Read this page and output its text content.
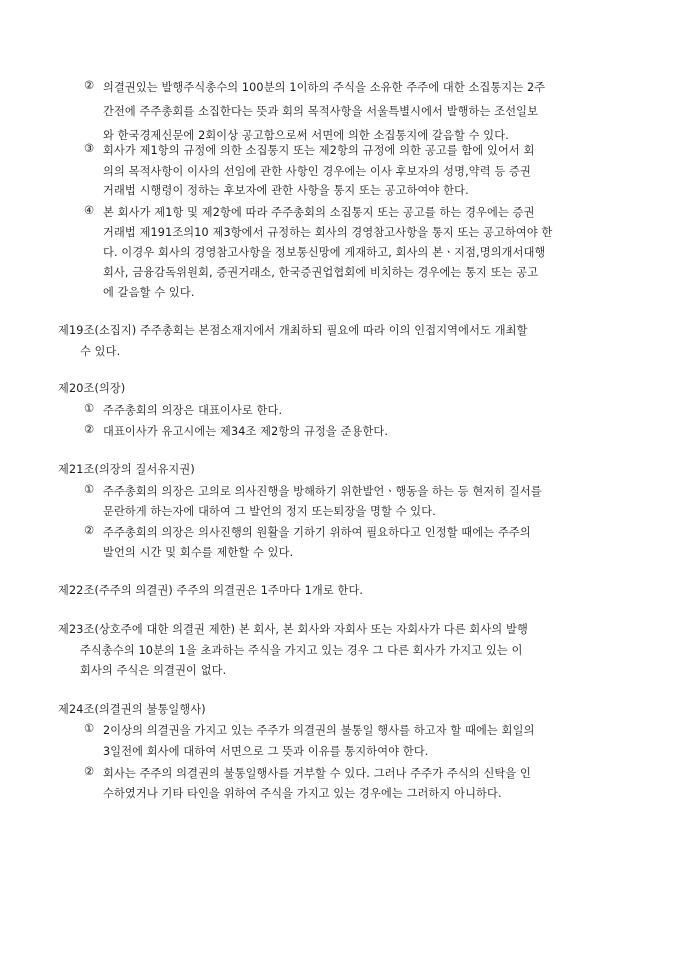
② 의결권있는 발행주식총수의 100분의 1이하의 주식을 소유한 주주에 대한 소집통지는 2주
간전에 주주총회를 소집한다는 뜻과 회의 목적사항을 서울특별시에서 발행하는 조선일보
와 한국경제신문에 2회이상 공고함으로써 서면에 의한 소집통지에 갈음할 수 있다.
③ 회사가 제1항의 규정에 의한 소집통지 또는 제2항의 규정에 의한 공고를 함에 있어서 회
의의 목적사항이 이사의 선임에 관한 사항인 경우에는 이사 후보자의 성명,약력 등 증권
거래법 시행령이 정하는 후보자에 관한 사항을 통지 또는 공고하여야 한다.
④ 본 회사가 제1항 및 제2항에 따라 주주총회의 소집통지 또는 공고를 하는 경우에는 증권
거래법 제191조의10 제3항에서 규정하는 회사의 경영참고사항을 통지 또는 공고하여야 한
다. 이경우 회사의 경영참고사항을 정보통신망에 게재하고, 회사의 본ㆍ지점,명의개서대행
회사, 금융감독위원회, 증권거래소, 한국증권업협회에 비치하는 경우에는 통지 또는 공고
에 갈음할 수 있다.
제19조(소집지) 주주총회는 본점소재지에서 개최하되 필요에 따라 이의 인접지역에서도 개최할
수 있다.
제20조(의장)
① 주주총회의 의장은 대표이사로 한다.
② 대표이사가 유고시에는 제34조 제2항의 규정을 준용한다.
제21조(의장의 질서유지권)
① 주주총회의 의장은 고의로 의사진행을 방해하기 위한발언ㆍ행동을 하는 등 현저히 질서를
문란하게 하는자에 대하여 그 발언의 정지 또는퇴장을 명할 수 있다.
② 주주총회의 의장은 의사진행의 원활을 기하기 위하여 필요하다고 인정할 때에는 주주의
발언의 시간 및 회수를 제한할 수 있다.
제22조(주주의 의결권) 주주의 의결권은 1주마다 1개로 한다.
제23조(상호주에 대한 의결권 제한) 본 회사, 본 회사와 자회사 또는 자회사가 다른 회사의 발행
주식총수의 10분의 1을 초과하는 주식을 가지고 있는 경우 그 다른 회사가 가지고 있는 이
회사의 주식은 의결권이 없다.
제24조(의결권의 불통일행사)
① 2이상의 의결권을 가지고 있는 주주가 의결권의 불통일 행사를 하고자 할 때에는 회일의
3일전에 회사에 대하여 서면으로 그 뜻과 이유를 통지하여야 한다.
② 회사는 주주의 의결권의 불통일행사를 거부할 수 있다. 그러나 주주가 주식의 신탁을 인
수하였거나 기타 타인을 위하여 주식을 가지고 있는 경우에는 그러하지 아니하다.
